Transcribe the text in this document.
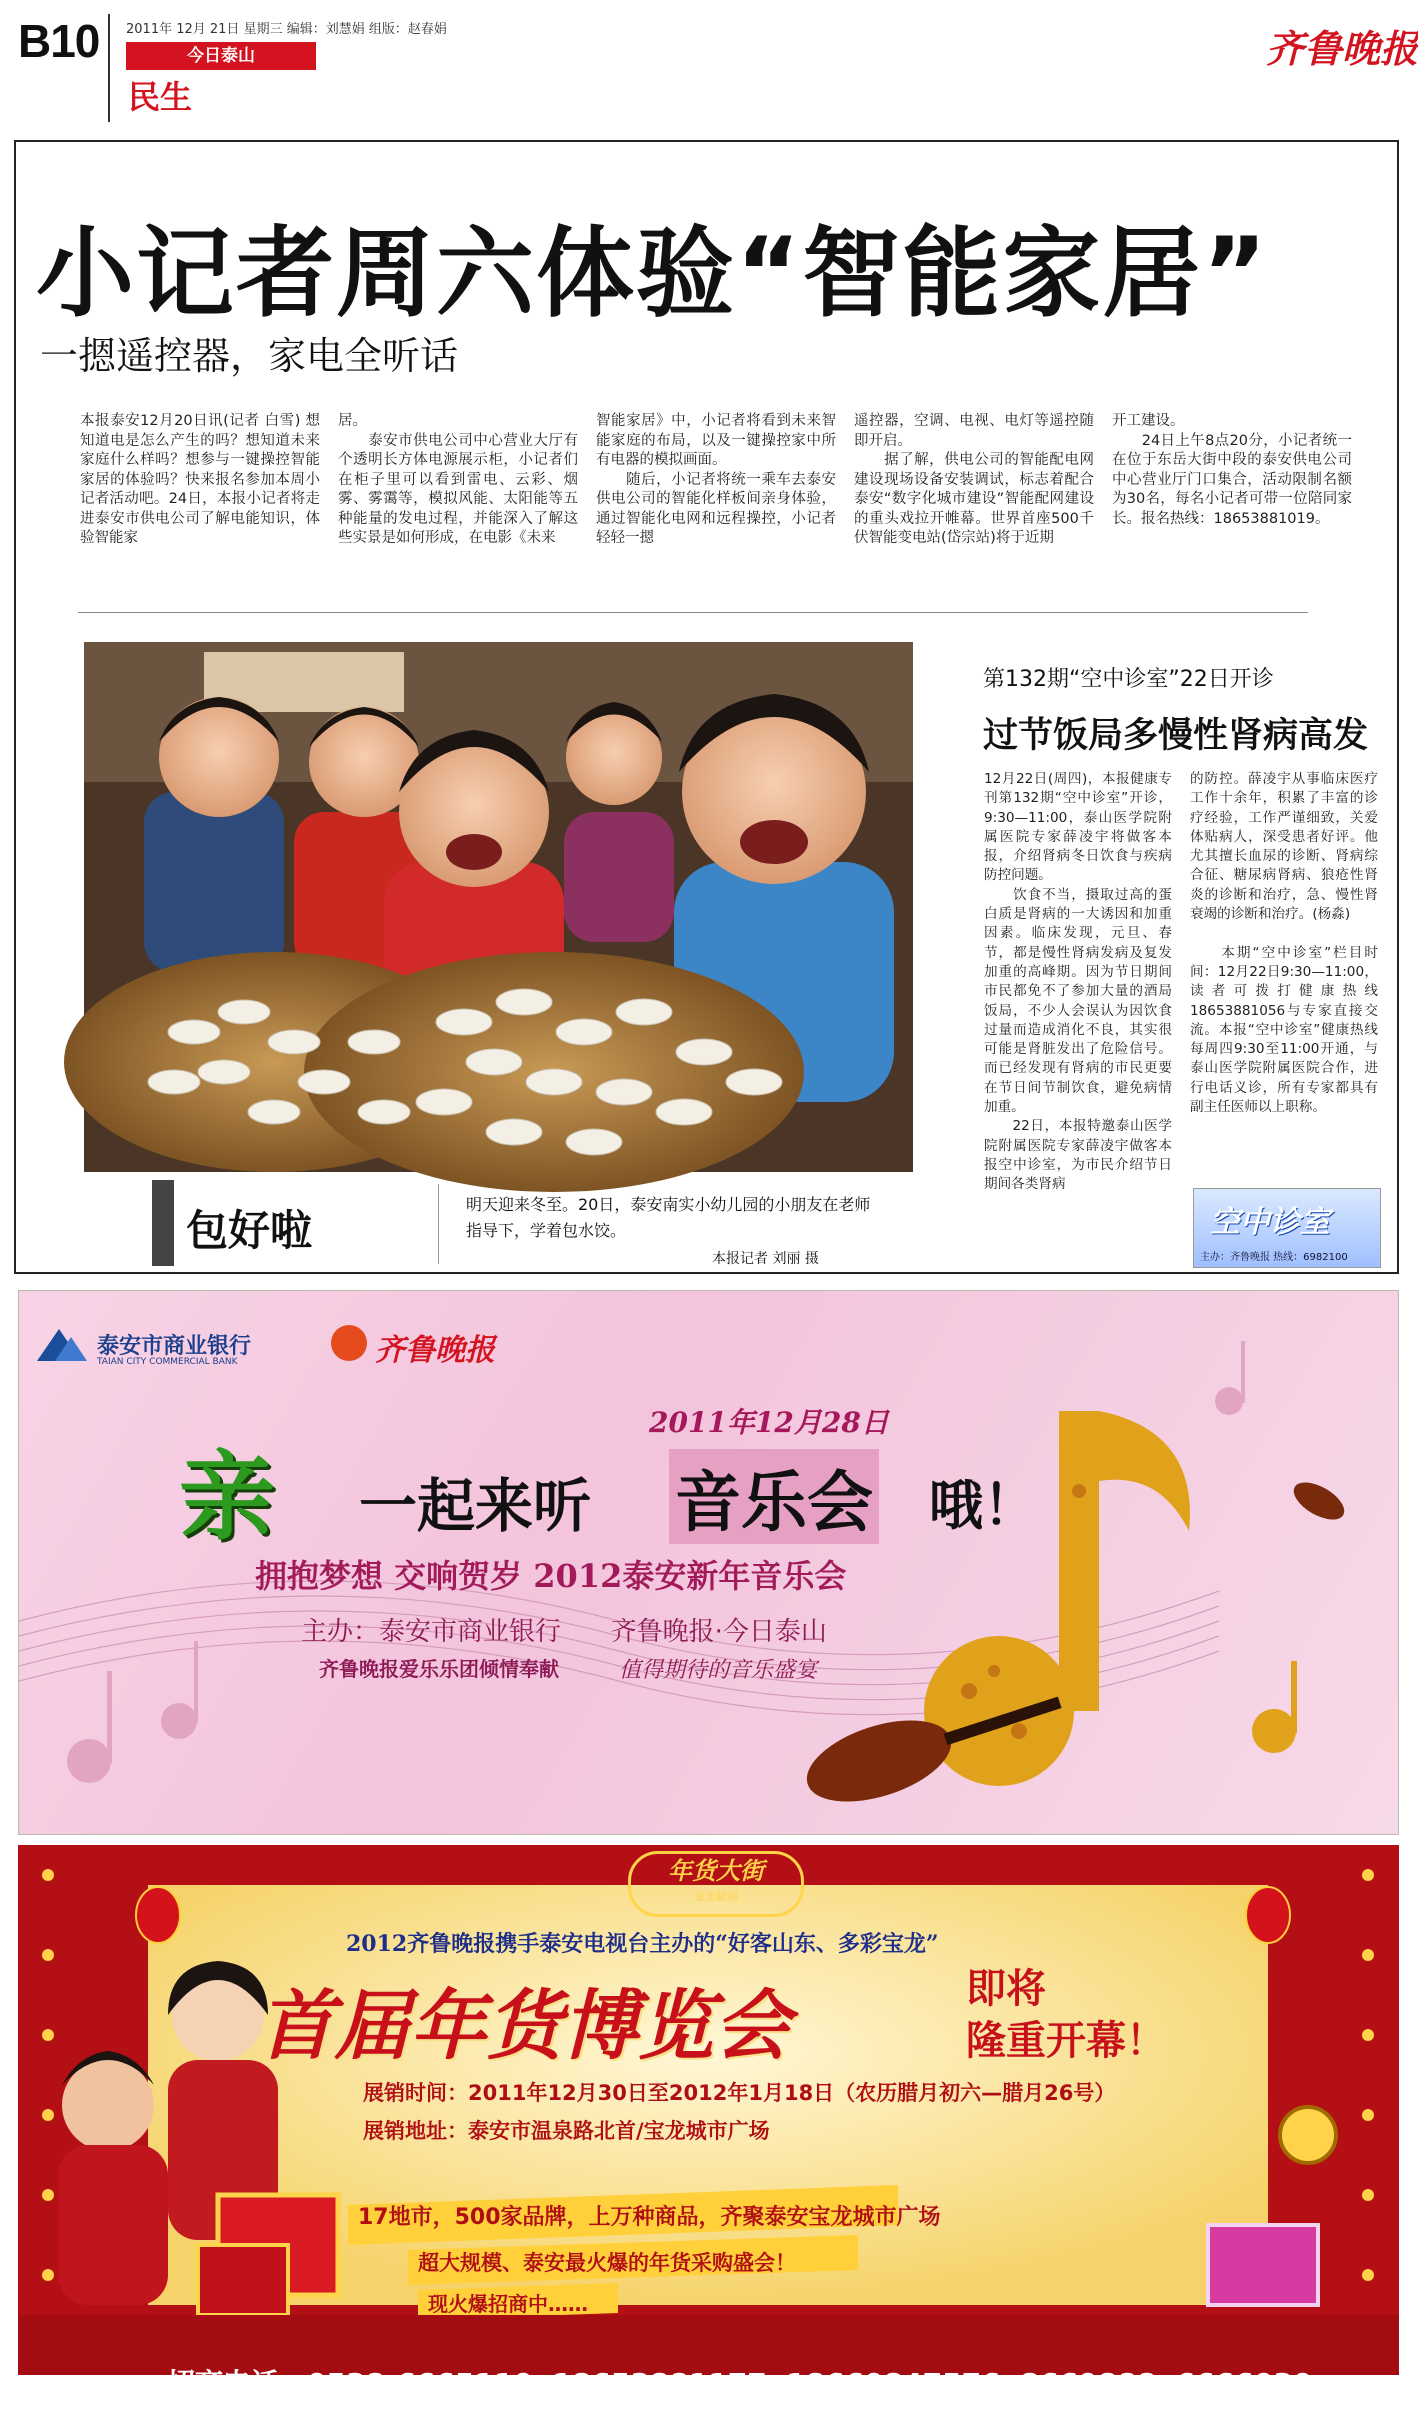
B10 2011年 12月 21日 星期三 编辑：刘慧娟 组版：赵春娟
今日泰山
民生
齐鲁晚报
小记者周六体验“智能家居”
一摁遥控器，家电全听话
本报泰安12月20日讯(记者 白雪) 想知道电是怎么产生的吗？想知道未来家庭什么样吗？想参与一键操控智能家居的体验吗？快来报名参加本周小记者活动吧。24日，本报小记者将走进泰安市供电公司了解电能知识，体验智能家
居。
　　泰安市供电公司中心营业大厅有个透明长方体电源展示柜，小记者们在柜子里可以看到雷电、云彩、烟雾、雾霭等，模拟风能、太阳能等五种能量的发电过程，并能深入了解这些实景是如何形成，在电影《未来
智能家居》中，小记者将看到未来智能家庭的布局，以及一键操控家中所有电器的模拟画面。
　　随后，小记者将统一乘车去泰安供电公司的智能化样板间亲身体验，通过智能化电网和远程操控，小记者轻轻一摁
遥控器，空调、电视、电灯等遥控随即开启。
　　据了解，供电公司的智能配电网建设现场设备安装调试，标志着配合泰安“数字化城市建设”智能配网建设的重头戏拉开帷幕。世界首座500千伏智能变电站(岱宗站)将于近期
开工建设。
　　24日上午8点20分，小记者统一在位于东岳大街中段的泰安供电公司中心营业厅门口集合，活动限制名额为30名，每名小记者可带一位陪同家长。报名热线：18653881019。
包好啦
明天迎来冬至。20日，泰安南实小幼儿园的小朋友在老师指导下，学着包水饺。
本报记者 刘丽 摄
第132期“空中诊室”22日开诊
过节饭局多慢性肾病高发
12月22日(周四)，本报健康专刊第132期“空中诊室”开诊，9:30—11:00，泰山医学院附属医院专家薛凌宇将做客本报，介绍肾病冬日饮食与疾病防控问题。
　　饮食不当，摄取过高的蛋白质是肾病的一大诱因和加重因素。临床发现，元旦、春节，都是慢性肾病发病及复发加重的高峰期。因为节日期间市民都免不了参加大量的酒局饭局，不少人会误认为因饮食过量而造成消化不良，其实很可能是肾脏发出了危险信号。而已经发现有肾病的市民更要在节日间节制饮食，避免病情加重。
　　22日，本报特邀泰山医学院附属医院专家薛凌宇做客本报空中诊室，为市民介绍节日期间各类肾病
的防控。薛凌宇从事临床医疗工作十余年，积累了丰富的诊疗经验，工作严谨细致，关爱体贴病人，深受患者好评。他尤其擅长血尿的诊断、肾病综合征、糖尿病肾病、狼疮性肾炎的诊断和治疗，急、慢性肾衰竭的诊断和治疗。(杨淼)

　　本期“空中诊室”栏目时间：12月22日9:30—11:00，读者可拨打健康热线18653881056与专家直接交流。本报“空中诊室”健康热线每周四9:30至11:00开通，与泰山医学院附属医院合作，进行电话义诊，所有专家都具有副主任医师以上职称。
空中诊室
主办：齐鲁晚报 热线：6982100
泰安市商业银行
TAIAN CITY COMMERCIAL BANK	齐鲁晚报
2011年12月28日
亲 一起来听 音乐会 哦！
拥抱梦想 交响贺岁 2012泰安新年音乐会
主办：泰安市商业银行      齐鲁晚报·今日泰山
齐鲁晚报爱乐乐团倾情奉献	值得期待的音乐盛宴
年货大街
金龙献瑞
2012齐鲁晚报携手泰安电视台主办的“好客山东、多彩宝龙”
首届年货博览会	即将
隆重开幕！
展销时间：2011年12月30日至2012年1月18日（农历腊月初六—腊月26号）
展销地址：泰安市温泉路北首/宝龙城市广场
17地市，500家品牌，上万种商品，齐聚泰安宝龙城市广场
超大规模、泰安最火爆的年货采购盛会！
现火爆招商中……

招商电话：0538-6665110  18653881177  18660847576  8669888  6666030
